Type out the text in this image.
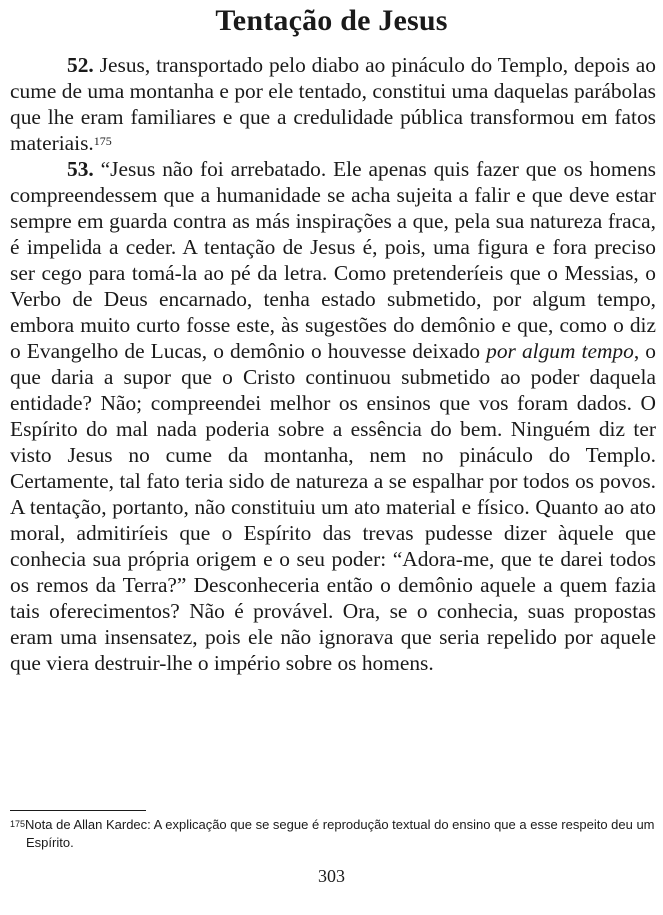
Tentação de Jesus

52. Jesus, transportado pelo diabo ao pináculo do Templo, depois ao cume de uma montanha e por ele tentado, constitui uma daquelas parábolas que lhe eram familiares e que a credulidade pública transformou em fatos materiais.$^{175}$

53. “Jesus não foi arrebatado. Ele apenas quis fazer que os homens compreendessem que a humanidade se acha sujeita a falir e que deve estar sempre em guarda contra as más inspirações a que, pela sua natureza fraca, é impelida a ceder. A tentação de Jesus é, pois, uma figura e fora preciso ser cego para tomá-la ao pé da letra. Como pretenderíeis que o Messias, o Verbo de Deus encarnado, tenha estado submetido, por algum tempo, embora muito curto fosse este, às sugestões do demônio e que, como o diz o Evangelho de Lucas, o demônio o houvesse deixado por algum tempo, o que daria a supor que o Cristo continuou submetido ao poder daquela entidade? Não; compreendei melhor os ensinos que vos foram dados. O Espírito do mal nada poderia sobre a essência do bem. Ninguém diz ter visto Jesus no cume da montanha, nem no pináculo do Templo. Certamente, tal fato teria sido de natureza a se espalhar por todos os povos. A tentação, portanto, não constituiu um ato material e físico. Quanto ao ato moral, admitiríeis que o Espírito das trevas pudesse dizer àquele que conhecia sua própria origem e o seu poder: “Adora-me, que te darei todos os remos da Terra?” Desconheceria então o demônio aquele a quem fazia tais oferecimentos? Não é provável. Ora, se o conhecia, suas propostas eram uma insensatez, pois ele não ignorava que seria repelido por aquele que viera destruir-lhe o império sobre os homens.

$^{175}$Nota de Allan Kardec: A explicação que se segue é reprodução textual do ensino que a esse respeito deu um Espírito.
303
